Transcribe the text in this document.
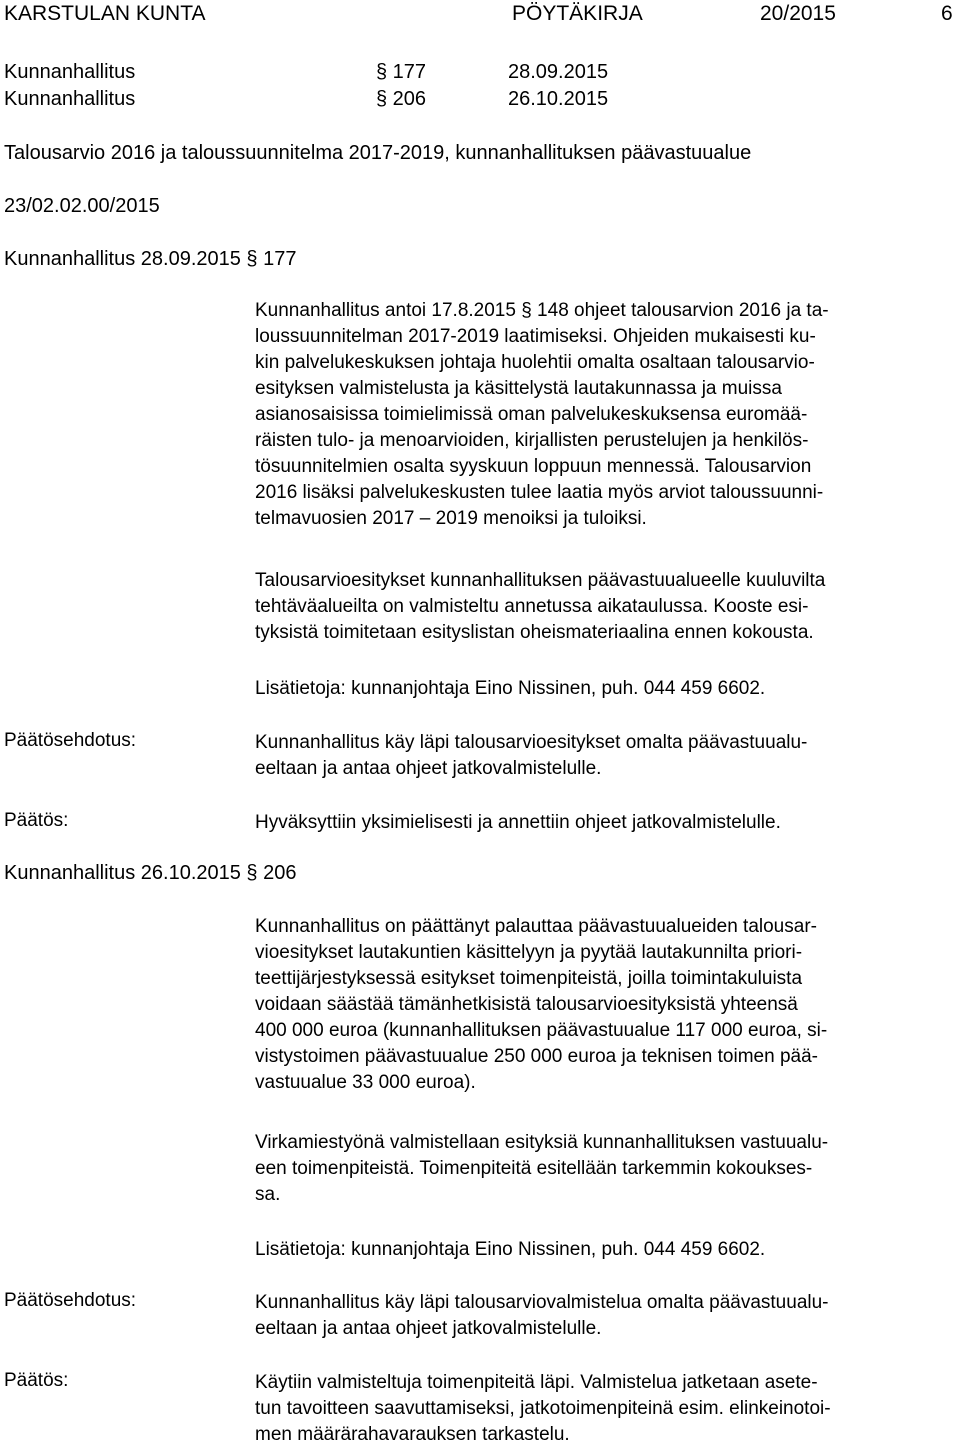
KARSTULAN KUNTA	PÖYTÄKIRJA	20/2015	6
Kunnanhallitus	§ 177	28.09.2015
Kunnanhallitus	§ 206	26.10.2015
Talousarvio 2016 ja taloussuunnitelma 2017-2019, kunnanhallituksen päävastuualue
23/02.02.00/2015
Kunnanhallitus 28.09.2015 § 177
Kunnanhallitus antoi 17.8.2015 § 148 ohjeet talousarvion 2016 ja ta-
loussuunnitelman 2017-2019 laatimiseksi. Ohjeiden mukaisesti ku-
kin palvelukeskuksen johtaja huolehtii omalta osaltaan talousarvio-
esityksen valmistelusta ja käsittelystä lautakunnassa ja muissa
asianosaisissa toimielimissä oman palvelukeskuksensa euromää-
räisten tulo- ja menoarvioiden, kirjallisten perustelujen ja henkilös-
tösuunnitelmien osalta syyskuun loppuun mennessä. Talousarvion
2016 lisäksi palvelukeskusten tulee laatia myös arviot taloussuunni-
telmavuosien 2017 – 2019 menoiksi ja tuloiksi.
Talousarvioesitykset kunnanhallituksen päävastuualueelle kuuluvilta
tehtäväalueilta on valmisteltu annetussa aikataulussa. Kooste esi-
tyksistä toimitetaan esityslistan oheismateriaalina ennen kokousta.
Lisätietoja: kunnanjohtaja Eino Nissinen, puh. 044 459 6602.
Päätösehdotus:	Kunnanhallitus käy läpi talousarvioesitykset omalta päävastuualu-
eeltaan ja antaa ohjeet jatkovalmistelulle.
Päätös:	Hyväksyttiin yksimielisesti ja annettiin ohjeet jatkovalmistelulle.
Kunnanhallitus 26.10.2015 § 206
Kunnanhallitus on päättänyt palauttaa päävastuualueiden talousar-
vioesitykset lautakuntien käsittelyyn ja pyytää lautakunnilta priori-
teettijärjestyksessä esitykset toimenpiteistä, joilla toimintakuluista
voidaan säästää tämänhetkisistä talousarvioesityksistä yhteensä
400 000 euroa (kunnanhallituksen päävastuualue 117 000 euroa, si-
vistystoimen päävastuualue 250 000 euroa ja teknisen toimen pää-
vastuualue 33 000 euroa).
Virkamiestyönä valmistellaan esityksiä kunnanhallituksen vastuualu-
een toimenpiteistä. Toimenpiteitä esitellään tarkemmin kokoukses-
sa.
Lisätietoja: kunnanjohtaja Eino Nissinen, puh. 044 459 6602.
Päätösehdotus:	Kunnanhallitus käy läpi talousarviovalmistelua omalta päävastuualu-
eeltaan ja antaa ohjeet jatkovalmistelulle.
Päätös:	Käytiin valmisteltuja toimenpiteitä läpi. Valmistelua jatketaan asete-
tun tavoitteen saavuttamiseksi, jatkotoimenpiteinä esim. elinkeinotoi-
men määrärahavarauksen tarkastelu.
